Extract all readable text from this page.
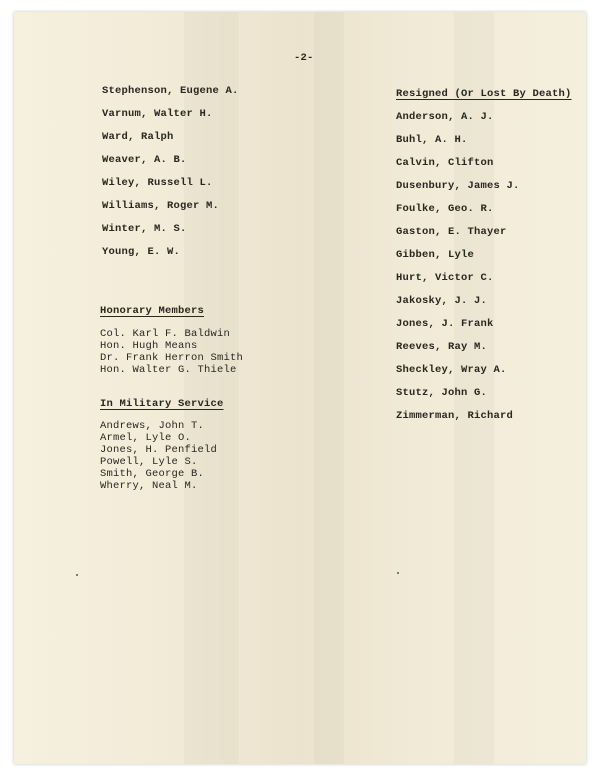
-2-
Stephenson, Eugene A.
Varnum, Walter H.
Ward, Ralph
Weaver, A. B.
Wiley, Russell L.
Williams, Roger M.
Winter, M. S.
Young, E. W.
Honorary Members
Col. Karl F. Baldwin
Hon. Hugh Means
Dr. Frank Herron Smith
Hon. Walter G. Thiele
In Military Service
Andrews, John T.
Armel, Lyle O.
Jones, H. Penfield
Powell, Lyle S.
Smith, George B.
Wherry, Neal M.
Resigned (Or Lost By Death)
Anderson, A. J.
Buhl, A. H.
Calvin, Clifton
Dusenbury, James J.
Foulke, Geo. R.
Gaston, E. Thayer
Gibben, Lyle
Hurt, Victor C.
Jakosky, J. J.
Jones, J. Frank
Reeves, Ray M.
Sheckley, Wray A.
Stutz, John G.
Zimmerman, Richard
